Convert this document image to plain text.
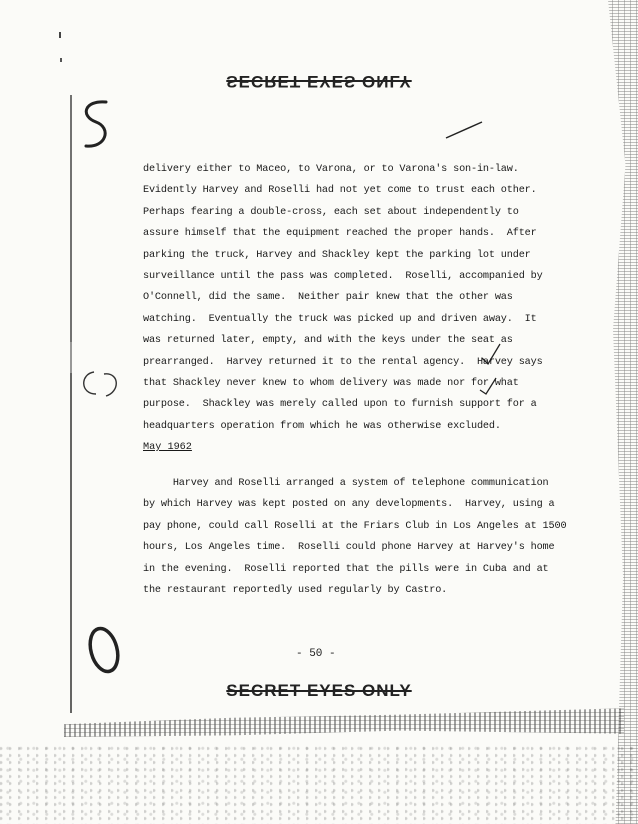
SECRET EYES ONLY
delivery either to Maceo, to Varona, or to Varona's son-in-law.
Evidently Harvey and Roselli had not yet come to trust each other.
Perhaps fearing a double-cross, each set about independently to
assure himself that the equipment reached the proper hands.  After
parking the truck, Harvey and Shackley kept the parking lot under
surveillance until the pass was completed.  Roselli, accompanied by
O'Connell, did the same.  Neither pair knew that the other was
watching.  Eventually the truck was picked up and driven away.  It
was returned later, empty, and with the keys under the seat as
prearranged.  Harvey returned it to the rental agency.  Harvey says
that Shackley never knew to whom delivery was made nor for what
purpose.  Shackley was merely called upon to furnish support for a
headquarters operation from which he was otherwise excluded.
May 1962
Harvey and Roselli arranged a system of telephone communication
by which Harvey was kept posted on any developments.  Harvey, using a
pay phone, could call Roselli at the Friars Club in Los Angeles at 1500
hours, Los Angeles time.  Roselli could phone Harvey at Harvey's home
in the evening.  Roselli reported that the pills were in Cuba and at
the restaurant reportedly used regularly by Castro.
- 50 -
SECRET EYES ONLY
